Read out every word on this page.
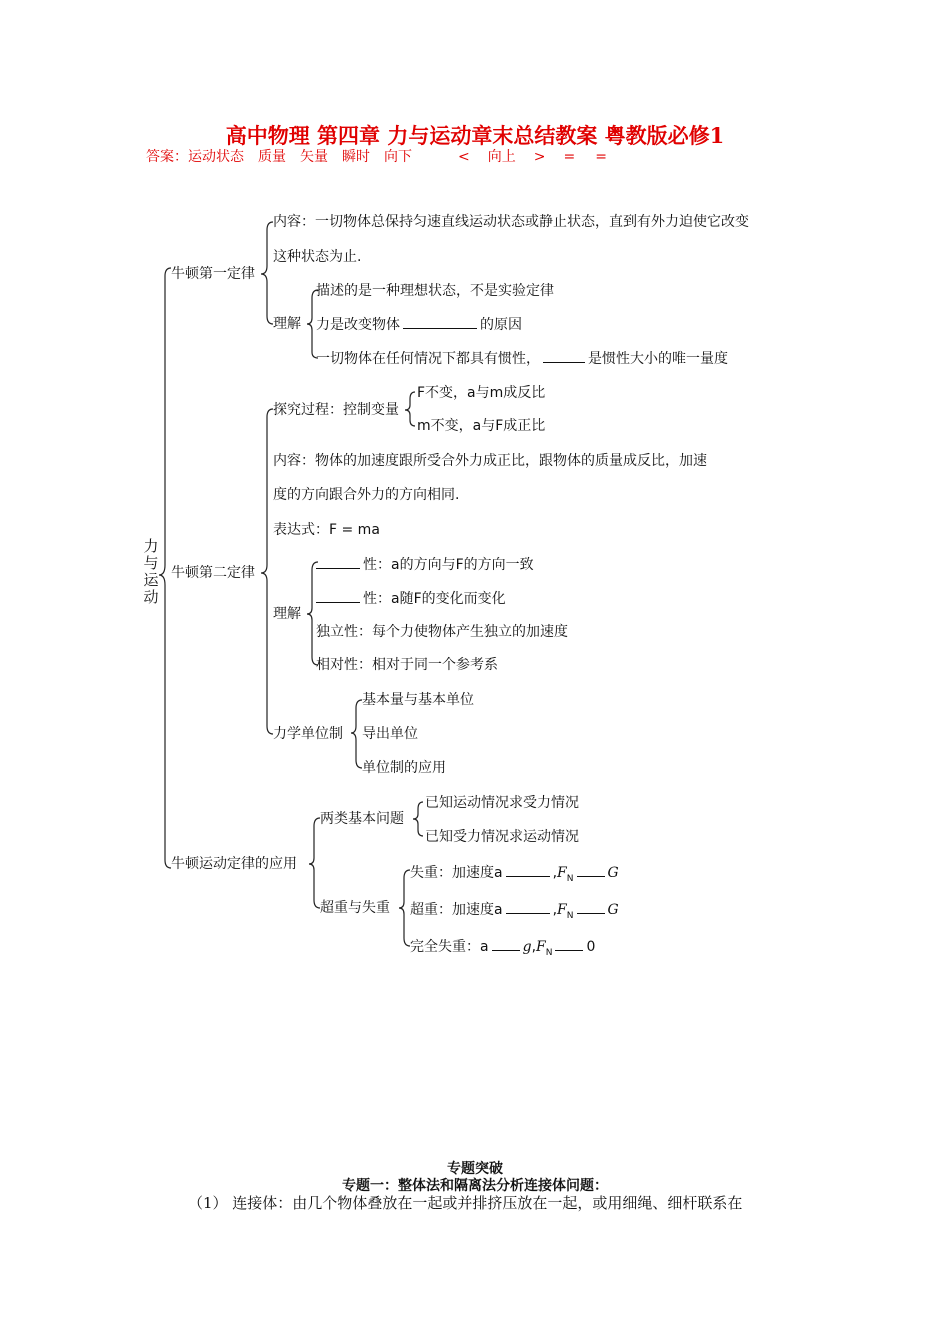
高中物理 第四章 力与运动章末总结教案 粤教版必修1
答案：运动状态 质量 矢量 瞬时 向下	< 向上 > = =
力与运动
牛顿第一定律
内容：一切物体总保持匀速直线运动状态或静止状态，直到有外力迫使它改变
这种状态为止.
理解
描述的是一种理想状态，不是实验定律
力是改变物体	的原因
一切物体在任何情况下都具有惯性，	是惯性大小的唯一量度
牛顿第二定律
探究过程：控制变量
F不变，a与m成反比
m不变，a与F成正比
内容：物体的加速度跟所受合外力成正比，跟物体的质量成反比，加速
度的方向跟合外力的方向相同.
表达式：F = ma
理解
性：a的方向与F的方向一致
性：a随F的变化而变化
独立性：每个力使物体产生独立的加速度
相对性：相对于同一个参考系
力学单位制
基本量与基本单位
导出单位
单位制的应用
牛顿运动定律的应用
两类基本问题
已知运动情况求受力情况
已知受力情况求运动情况
超重与失重
失重：加速度a	$,F_N$ G
超重：加速度a	$,F_N$ G
完全失重：a $g,F_N$ 0
专题突破
专题一：整体法和隔离法分析连接体问题：
（1） 连接体：由几个物体叠放在一起或并排挤压放在一起，或用细绳、细杆联系在
